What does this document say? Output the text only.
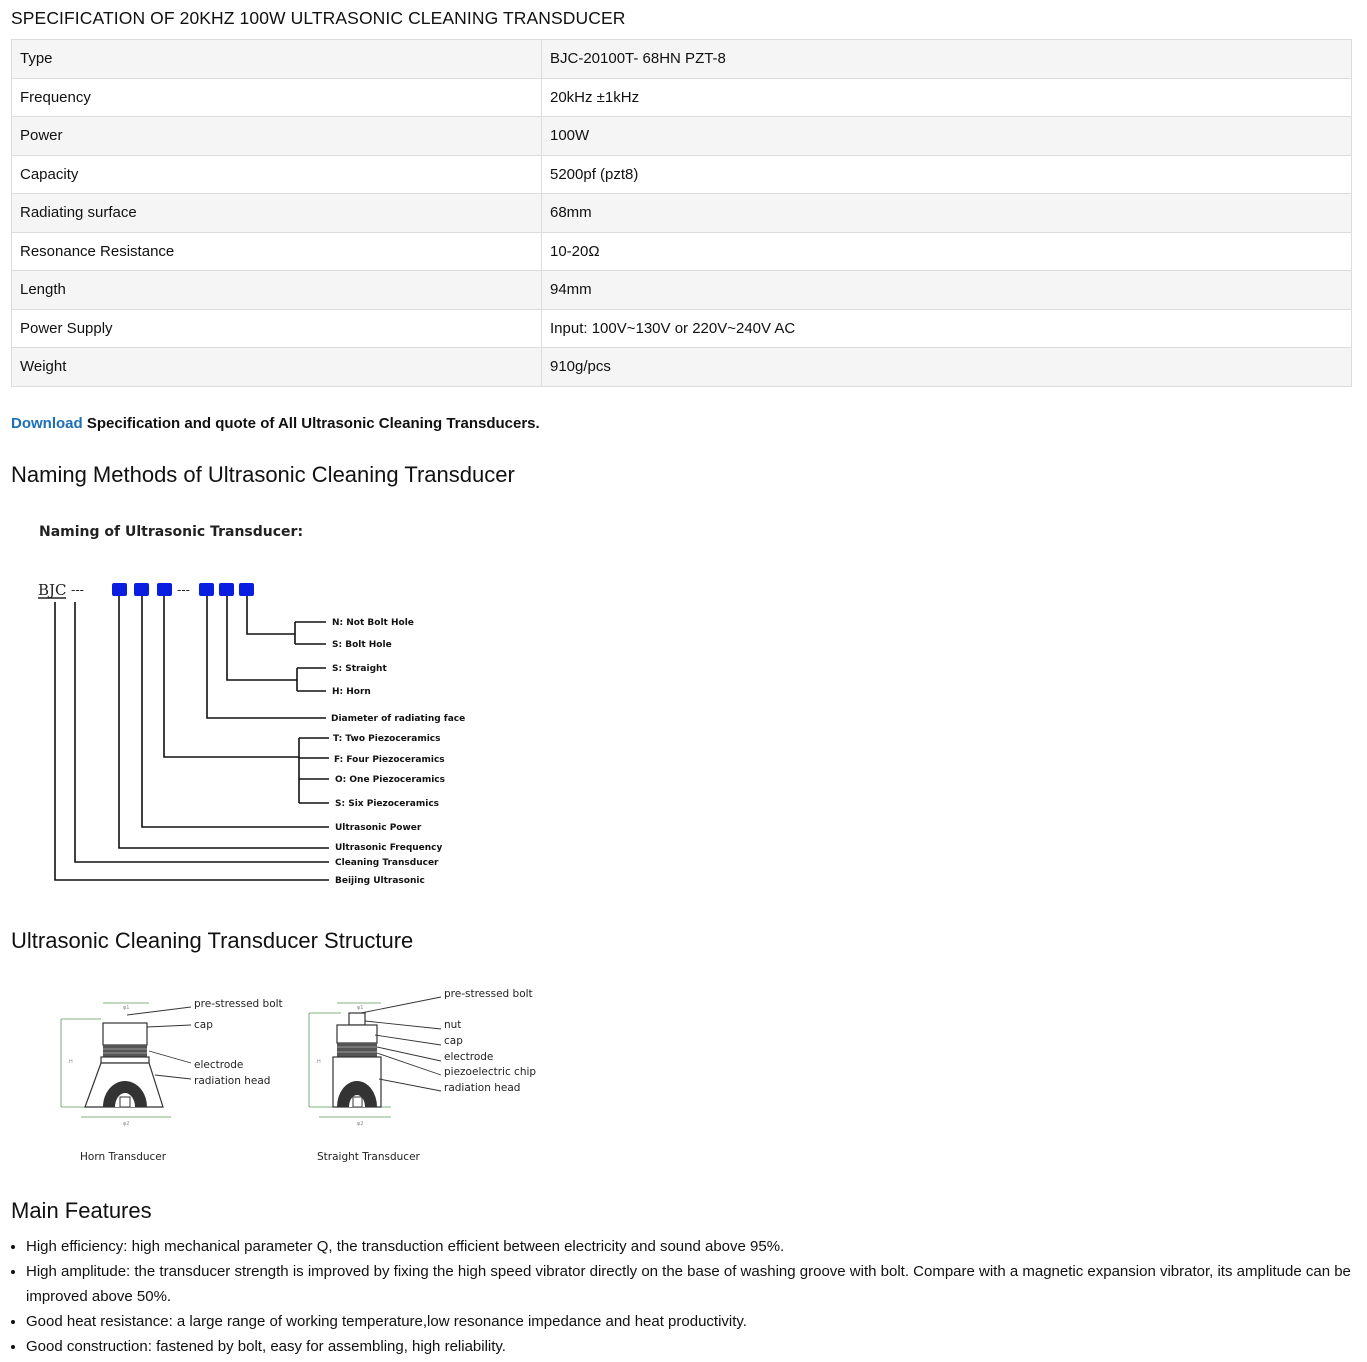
SPECIFICATION OF 20KHZ 100W ULTRASONIC CLEANING TRANSDUCER
Type	BJC-20100T- 68HN PZT-8
Frequency	20kHz ±1kHz
Power	100W
Capacity	5200pf (pzt8)
Radiating surface	68mm
Resonance Resistance	10-20Ω
Length	94mm
Power Supply	Input: 100V~130V or 220V~240V AC
Weight	910g/pcs
Download Specification and quote of All Ultrasonic Cleaning Transducers.
Naming Methods of Ultrasonic Cleaning Transducer
Naming of Ultrasonic Transducer:
BJC ---	---
N: Not Bolt Hole
S: Bolt Hole
S: Straight
H: Horn
Diameter of radiating face
T: Two Piezoceramics
F: Four Piezoceramics
O: One Piezoceramics
S: Six Piezoceramics
Ultrasonic Power
Ultrasonic Frequency
Cleaning Transducer
Beijing Ultrasonic
Ultrasonic Cleaning Transducer Structure
φ1
φ2
H
pre-stressed bolt
cap
electrode
radiation head
Horn Transducer
φ1
φ2
H
pre-stressed bolt
nut
cap
electrode
piezoelectric chip
radiation head
Straight Transducer
Main Features
• High efficiency: high mechanical parameter Q, the transduction efficient between electricity and sound above 95%.
• High amplitude: the transducer strength is improved by fixing the high speed vibrator directly on the base of washing groove with bolt. Compare with a magnetic expansion vibrator, its amplitude can be improved above 50%.
• Good heat resistance: a large range of working temperature,low resonance impedance and heat productivity.
• Good construction: fastened by bolt, easy for assembling, high reliability.
